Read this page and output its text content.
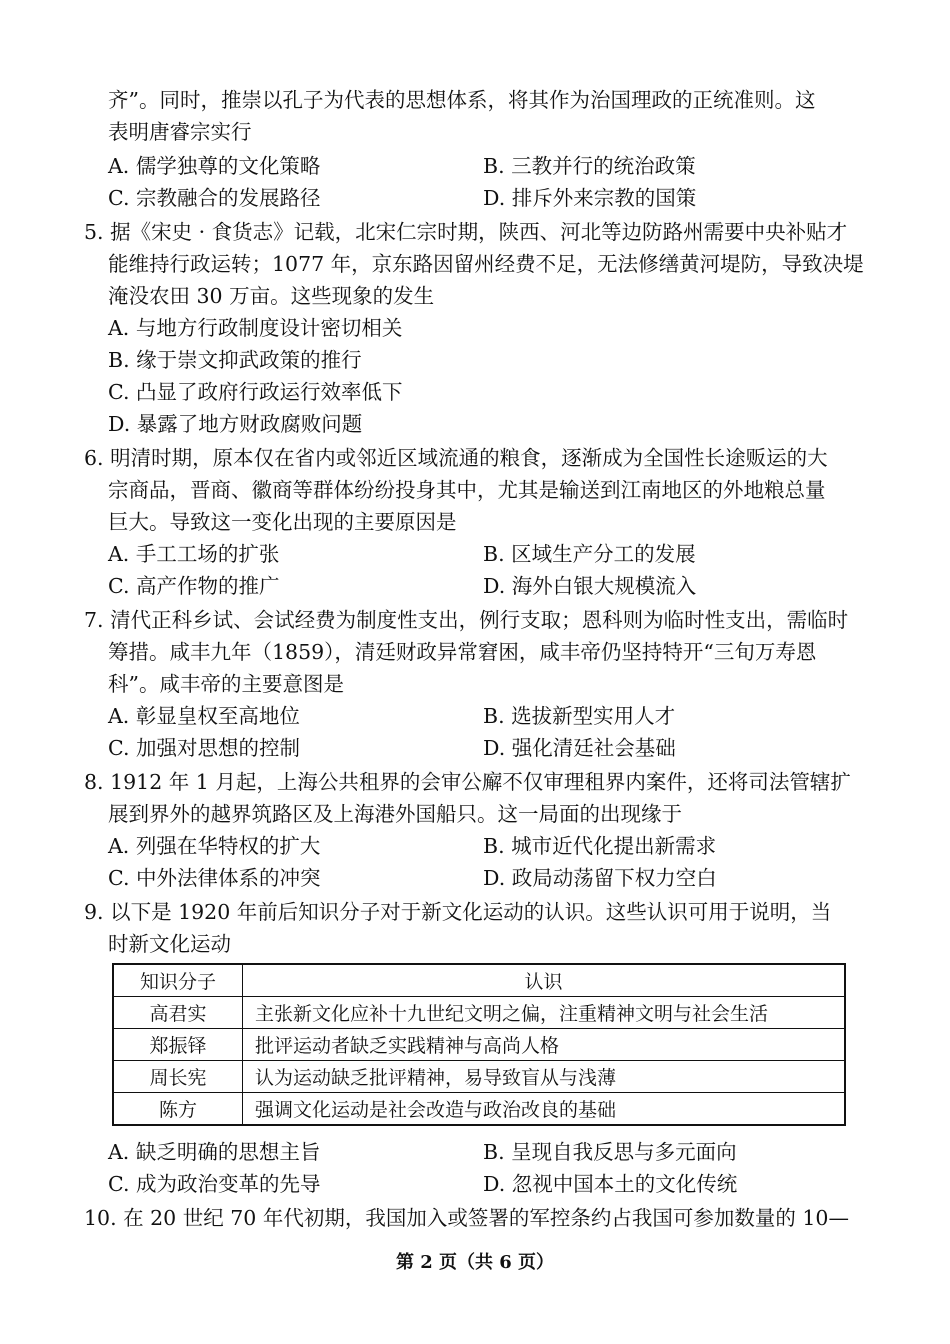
齐”。同时，推崇以孔子为代表的思想体系，将其作为治国理政的正统准则。这
表明唐睿宗实行
A. 儒学独尊的文化策略	B. 三教并行的统治政策
C. 宗教融合的发展路径	D. 排斥外来宗教的国策
5. 据《宋史 · 食货志》记载，北宋仁宗时期，陕西、河北等边防路州需要中央补贴才
能维持行政运转；1077 年，京东路因留州经费不足，无法修缮黄河堤防，导致决堤
淹没农田 30 万亩。这些现象的发生
A. 与地方行政制度设计密切相关
B. 缘于崇文抑武政策的推行
C. 凸显了政府行政运行效率低下
D. 暴露了地方财政腐败问题
6. 明清时期，原本仅在省内或邻近区域流通的粮食，逐渐成为全国性长途贩运的大
宗商品，晋商、徽商等群体纷纷投身其中，尤其是输送到江南地区的外地粮总量
巨大。导致这一变化出现的主要原因是
A. 手工工场的扩张	B. 区域生产分工的发展
C. 高产作物的推广	D. 海外白银大规模流入
7. 清代正科乡试、会试经费为制度性支出，例行支取；恩科则为临时性支出，需临时
筹措。咸丰九年（1859），清廷财政异常窘困，咸丰帝仍坚持特开“三旬万寿恩
科”。咸丰帝的主要意图是
A. 彰显皇权至高地位	B. 选拔新型实用人才
C. 加强对思想的控制	D. 强化清廷社会基础
8. 1912 年 1 月起，上海公共租界的会审公廨不仅审理租界内案件，还将司法管辖扩
展到界外的越界筑路区及上海港外国船只。这一局面的出现缘于
A. 列强在华特权的扩大	B. 城市近代化提出新需求
C. 中外法律体系的冲突	D. 政局动荡留下权力空白
9. 以下是 1920 年前后知识分子对于新文化运动的认识。这些认识可用于说明，当
时新文化运动
知识分子	认识
高君实	主张新文化应补十九世纪文明之偏，注重精神文明与社会生活
郑振铎	批评运动者缺乏实践精神与高尚人格
周长宪	认为运动缺乏批评精神，易导致盲从与浅薄
陈方	强调文化运动是社会改造与政治改良的基础
A. 缺乏明确的思想主旨	B. 呈现自我反思与多元面向
C. 成为政治变革的先导	D. 忽视中国本土的文化传统
10. 在 20 世纪 70 年代初期，我国加入或签署的军控条约占我国可参加数量的 10—
第 2 页（共 6 页）
